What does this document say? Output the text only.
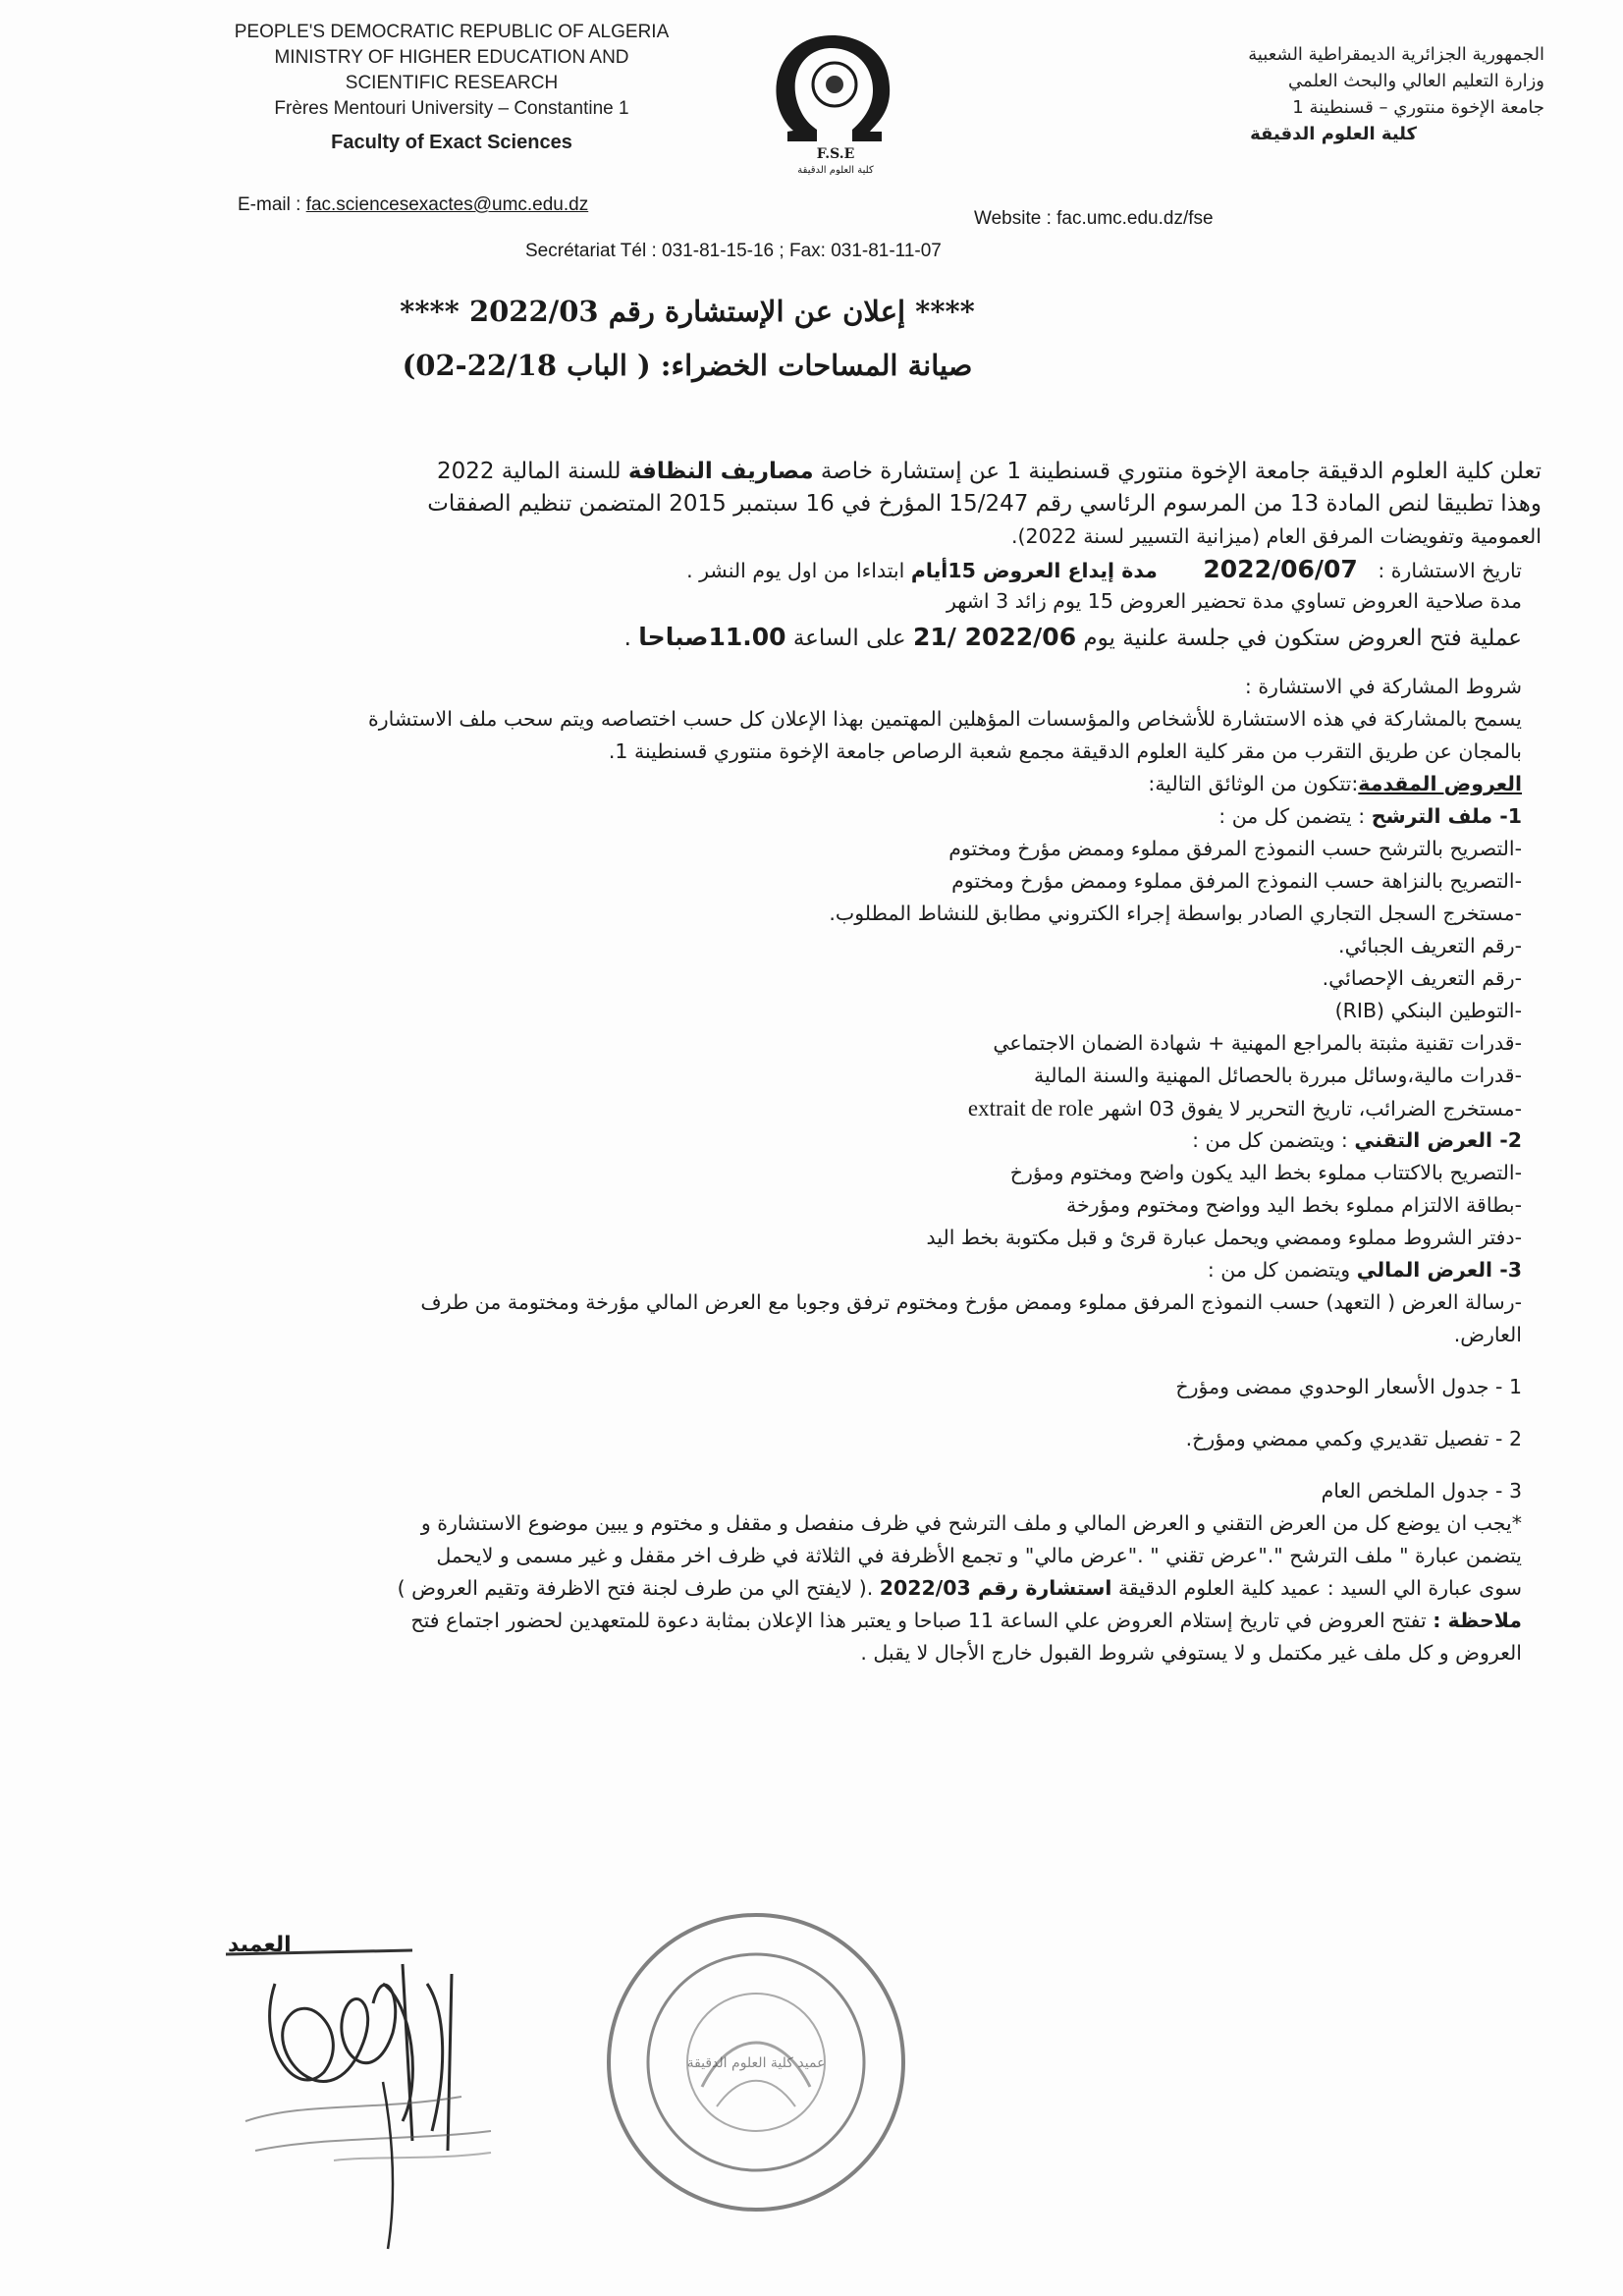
PEOPLE'S DEMOCRATIC REPUBLIC OF ALGERIA
MINISTRY OF HIGHER EDUCATION AND
SCIENTIFIC RESEARCH
Frères Mentouri University – Constantine 1
Faculty of Exact Sciences
F.S.E
كلية العلوم الدقيقة
الجمهورية الجزائرية الديمقراطية الشعبية
وزارة التعليم العالي والبحث العلمي
جامعة الإخوة منتوري – قسنطينة 1
كلية العلوم الدقيقة
E-mail : fac.sciencesexactes@umc.edu.dz
Website : fac.umc.edu.dz/fse
Secrétariat Tél : 031-81-15-16 ; Fax: 031-81-11-07
**** إعلان عن الإستشارة رقم 2022/03 ****
صيانة المساحات الخضراء: ( الباب 22/18-02)
تعلن كلية العلوم الدقيقة جامعة الإخوة منتوري قسنطينة 1 عن إستشارة خاصة مصاريف النظافة للسنة المالية 2022
وهذا تطبيقا لنص المادة 13 من المرسوم الرئاسي رقم 15/247 المؤرخ في 16 سبتمبر 2015 المتضمن تنظيم الصفقات
العمومية وتفويضات المرفق العام (ميزانية التسيير لسنة 2022).
تاريخ الاستشارة : 2022/06/07 مدة إيداع العروض 15أيام ابتداءا من اول يوم النشر .
مدة صلاحية العروض تساوي مدة تحضير العروض 15 يوم زائد 3 اشهر
عملية فتح العروض ستكون في جلسة علنية يوم 2022/06 /21 على الساعة 11.00صباحا .
شروط المشاركة في الاستشارة :
يسمح بالمشاركة في هذه الاستشارة للأشخاص والمؤسسات المؤهلين المهتمين بهذا الإعلان كل حسب اختصاصه ويتم سحب ملف الاستشارة
بالمجان عن طريق التقرب من مقر كلية العلوم الدقيقة مجمع شعبة الرصاص جامعة الإخوة منتوري قسنطينة 1.
العروض المقدمة:تتكون من الوثائق التالية:
1- ملف الترشح : يتضمن كل من :
-التصريح بالترشح حسب النموذج المرفق مملوء وممض مؤرخ ومختوم
-التصريح بالنزاهة حسب النموذج المرفق مملوء وممض مؤرخ ومختوم
-مستخرج السجل التجاري الصادر بواسطة إجراء الكتروني مطابق للنشاط المطلوب.
-رقم التعريف الجبائي.
-رقم التعريف الإحصائي.
-التوطين البنكي (RIB)
-قدرات تقنية مثبتة بالمراجع المهنية + شهادة الضمان الاجتماعي
-قدرات مالية،وسائل مبررة بالحصائل المهنية والسنة المالية
-مستخرج الضرائب، تاريخ التحرير لا يفوق 03 اشهر extrait de role
2- العرض التقني : ويتضمن كل من :
-التصريح بالاكتتاب مملوء بخط اليد يكون واضح ومختوم ومؤرخ
-بطاقة الالتزام مملوء بخط اليد وواضح ومختوم ومؤرخة
-دفتر الشروط مملوء وممضي ويحمل عبارة قرئ و قبل مكتوبة بخط اليد
3- العرض المالي ويتضمن كل من :
-رسالة العرض ( التعهد) حسب النموذج المرفق مملوء وممض مؤرخ ومختوم ترفق وجوبا مع العرض المالي مؤرخة ومختومة من طرف
العارض.
1 - جدول الأسعار الوحدوي ممضى ومؤرخ
2 - تفصيل تقديري وكمي ممضي ومؤرخ.
3 - جدول الملخص العام
*يجب ان يوضع كل من العرض التقني و العرض المالي و ملف الترشح في ظرف منفصل و مقفل و مختوم و يبين موضوع الاستشارة و
يتضمن عبارة " ملف الترشح "."عرض تقني " ."عرض مالي" و تجمع الأظرفة في الثلاثة في ظرف اخر مقفل و غير مسمى و لايحمل
سوى عبارة الي السيد : عميد كلية العلوم الدقيقة استشارة رقم 2022/03 .( لايفتح الي من طرف لجنة فتح الاظرفة وتقيم العروض )
ملاحظة : تفتح العروض في تاريخ إستلام العروض علي الساعة 11 صباحا و يعتبر هذا الإعلان بمثابة دعوة للمتعهدين لحضور اجتماع فتح
العروض و كل ملف غير مكتمل و لا يستوفي شروط القبول خارج الأجال لا يقبل .
العميد
عميد كلية العلوم الدقيقة
